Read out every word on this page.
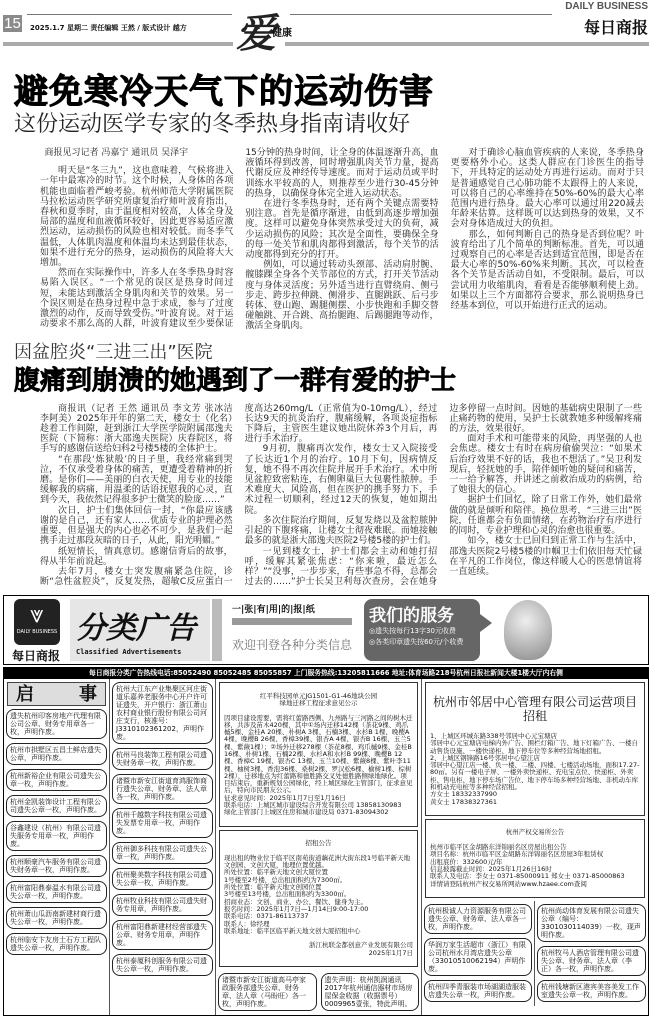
15 2025.1.7 星期二 责任编辑 王然 / 版式设计 越方 爱
健康
DAILY BUSINESS
每日商报
避免寒冷天气下的运动伤害
这份运动医学专家的冬季热身指南请收好

商报见习记者 冯嘉宁 通讯员 吴泽宇

明天是“冬三九”，这也意味着，气候将进入一年中最寒冷的时节。这个时候，人身体的各项机能也面临着严峻考验。杭州师范大学附属医院马拉松运动医学研究所康复治疗师叶波育指出，春秋和夏季时，由于温度相对较高，人体全身及局部的温度和血液循环较好，因此更容易适应激烈运动，运动损伤的风险也相对较低。而冬季气温低，人体肌肉温度和体温均未达到最佳状态，如果不进行充分的热身，运动损伤的风险将大大增加。

然而在实际操作中，许多人在冬季热身时容易陷入误区。“一个常见的误区是热身时间过短，未能达到激活全身肌肉和关节的效果。另一个误区则是在热身过程中急于求成，参与了过度激烈的动作，反而导致受伤。”叶波育说。对于运动要求不那么高的人群，叶波育建议至少要保证15分钟的热身时间，让全身的体温逐渐升高，血液循环得到改善，同时增强肌肉关节力量，提高代谢反应及神经传导速度。而对于运动员或平时训练水平较高的人，则推荐至少进行30-45分钟的热身，以确保身体完全进入运动状态。

在进行冬季热身时，还有两个关键点需要特别注意。首先是循序渐进，由低到高逐步增加强度。这样可以避免身体突然承受过大的负荷，减少运动损伤的风险；其次是全面性，要确保全身的每一处关节和肌肉都得到激活，每个关节的活动度都得到充分的打开。

例如，可以通过转动头颈部、活动肩肘腕、髋膝踝全身各个关节部位的方式，打开关节活动度与身体灵活度；另外适当进行直臂绕肩、侧弓步走、跨步拉伸跳、侧滑步、直腿跳跃、后弓步转体、登山跑、踢腿侧摆、小步快跑和手脚交替碰触跳、开合跳、高抬腿跑、后踢腿跑等动作，激活全身肌肉。

对于确诊心脑血管疾病的人来说，冬季热身更要格外小心。这类人群应在门诊医生的指导下，开具特定的运动处方再进行运动。而对于只是普通感觉自己心肺功能不太跟得上的人来说，可以将自己的心率维持在50%-60%的最大心率范围内进行热身。最大心率可以通过用220减去年龄来估算。这样既可以达到热身的效果，又不会对身体造成过大的负担。

那么，如何判断自己的热身是否到位呢？叶波育给出了几个简单的判断标准。首先，可以通过观察自己的心率是否达到适宜范围，即是否在最大心率的50%-60%来判断。其次，可以检查各个关节是否活动自如，不受限制。最后，可以尝试用力收缩肌肉，看看是否能够顺利使上劲。如果以上三个方面都符合要求，那么说明热身已经基本到位，可以开始进行正式的运动。

因盆腔炎“三进三出”医院
腹痛到崩溃的她遇到了一群有爱的护士

商报讯（记者 王然 通讯员 李文芳 张冰洁 李阿美）2025年开年的第二天，楼女士（化名）趁着工作间隙，赶到浙江大学医学院附属邵逸夫医院（下简称：浙大邵逸夫医院）庆春院区，将手写的感谢信送给妇科2号楼5楼的全体护士。

“在那段‘炼狱般’的日子里，我经常痛到哭泣，不仅承受着身体的痛苦，更遭受着精神的折磨。是你们——美丽的白衣天使，用专业的技能缓解我的病痛，用温柔的话语抚慰我的心灵，直到今天，我依然记得很多护士微笑的脸庞……”

次日，护士们集体回信一封，“你最应该感谢的是自己，还有家人……优质专业的护理必然重要，但是强大的内心也必不可少，是我们一起携手走过那段灰暗的日子，从此，阳光明媚。”

纸短情长，情真意切。感谢信背后的故事，得从半年前说起。

去年7月，楼女士突发腹痛紧急住院，诊断“急性盆腔炎”，反复发热，超敏C反应蛋白一度高达260mg/L（正常值为0-10mg/L），经过长达9天的抗炎治疗，腹痛缓解，各项炎症指标下降后，主管医生建议她出院休养3个月后，再进行手术治疗。

9月初，腹痛再次发作，楼女士又入院接受了长达近1个月的治疗。10月下旬，因病情反复，她不得不再次住院并展开手术治疗。术中所见盆腔致密粘连，右侧卵巢巨大包裹性脓肿。手术难度大、风险高，但在医护的携手努力下，手术过程一切顺利，经过12天的恢复，她如期出院。

多次住院治疗期间，反复发烧以及盆腔脓肿引起的下腹疼痛，让楼女士彻夜难眠。而她接触最多的就是浙大邵逸夫医院2号楼5楼的护士们。

一见到楼女士，护士们都会主动和她打招呼，缓解其紧张焦虑：“你来啦，最近怎么样？”“没事，一步步来，有些事急不得，总都会过去的……”护士长吴卫利每次查房，会在她身边多停留一点时间。因她的基础病史限制了一些止痛药物的使用，吴护士长就教她多种缓解疼痛的方法，效果很好。

面对手术和可能带来的风险，再坚强的人也会焦虑。楼女士有时在病房偷偷哭泣：“如果术后治疗效果不好的话，我也不想活了。”吴卫利发现后，轻抚她的手，陪伴倾听她的疑问和痛苦，一一给予解答，并讲述之前救治成功的病例，给了她很大的信心。

据护士们回忆，除了日常工作外，她们最常做的就是倾听和陪伴。换位思考，“三进三出”医院，任谁都会有负面情绪，在药物治疗有序进行的同时，专业护理和心灵的治愈也很重要。

如今，楼女士已回归到正常工作与生活中，邵逸夫医院2号楼5楼的巾帼卫士们依旧每天忙碌在平凡的工作岗位，像这样暖人心的医患情谊将一直延续。

⩔
DAILY BUSINESS
每日商报
分类广告
Classified Advertisements
一|张|有|用|的|报|纸
欢迎刊登各种分类信息
我们的服务
◎遗失按每行13字30元收费
◎各类印章遗失按60元/个收费
每日商报分类广告热线电话:85052490 85052485 85055857 上门服务热线:13205811666 地址:体育场路218号杭州日报社新闻大楼1楼大厅内右侧
启	事
遗失杭州印客房地产代理有限公司公章、财务专用章各一枚，声明作废。
杭州市拱墅区五昌土鲜店遗失公章，声明作废。
杭州新裕企业有限公司遗失公章一枚，声明作废。
杭州金凯装饰设计工程有限公司遗失公章一枚，声明作废。
谷鑫建设（杭州）有限公司遗失服务专用章一枚，声明作废。
杭州顺豪汽车服务有限公司遗失财务章一枚，声明作废。
杭州富阳鼎泰温水有限公司遗失公章一枚，声明作废。
杭州萧山瓜沥南新建材商行遗失公章一枚，声明作废。
杭州临安卞友房土石方工程队遗失公章一枚，声明作废。
杭州大江东产业集聚区河庄街道乐嘉养老服务中心开户许可证遗失，开户银行：浙江萧山农村商业银行股份有限公司河庄支行，核准号：J3310102361202，声明作废。
杭州马良装饰工程有限公司遗失财务章一枚，声明作废。
诸暨市新安江街道育鸿服饰商行遗失公章、财务章、法人章各一枚，声明作废。
杭州千越数字科技有限公司遗失发票专用章一枚，声明作废。
杭州御多科技有限公司遗失公章一枚，声明作废。
杭州聚美数字科技有限公司遗失公章一枚，声明作废。
杭州牧业科技有限公司遗失财务专用章，声明作废。
杭州富阳鼎新建材经营部遗失公章、财务专用章，声明作废。
杭州泰厦科创服务有限公司遗失公章一枚，声明作废。

红平科技园单元JG1501-G1-46地块公园
绿地迁移工程征求意见公示

因项目建设需要，需将红蕾路西侧、九州路与三河路之间的树木迁移，共涉及苗木420棵，其中①场内迁移142棵（茶花9棵、鸡爪槭5棵、金桂A 20棵、朴树A 3棵、石楠3棵、水杉B 1棵、晚樱A 4棵、晚樱B 26棵、香樟39棵、银杏A 4棵、银杏B 16棵、玉兰5棵、紫薇1棵）；②场外迁移278棵（茶花8棵、鸡爪槭9棵、金桂B 16棵、朴树1棵、石楠22棵、水杉A和水杉B 99棵、晚樱B 12棵、香樟C 19棵、银杏C 13棵、玉兰10棵、紫薇8棵、紫叶李11棵、柚树3棵、香泡36棵、桑树2棵、罗汉松6棵、榆树1棵、棕树2棵），迁移地点为红蕾路和德胜路交叉处德胜路侧绿地绿化。项目结束后，重新规划公园绿化，经上城区绿化主管部门，征求意见后，特向市民朋友公示。
征求意见时间：2025年1月7日至1月16日
联系电话：上城区城市建设综合开发有限公司 13858130983
绿化主管部门上城区住房和城市建设局 0371-83094302

招租公告

现出租的物业位于临平区南苑街道藕花洲大街东段1号临平新天地文创园、文创大厦，地理位置优越。
所处位置：临平新天地文创大厦位置
1号楼至2号楼，总出租面积约为7300㎡。
所处位置：临平新天地文创园位置
3号楼至13号楼，总出租面积约为3300㎡。
招商业态：文创、商业、办公、餐饮、健身为主。
报名时间：2025年1月7日—1月14日9:00-17:00
联系电话：0371-86113737
联系人：徐经理
联系地址：临平区临平新天地文创大厦招租中心

浙江杭联金都创意产业发展有限公司
2025年1月7日

诸暨市新安江街道高马亭家政服务部遗失公章、财务章、法人章（马盼旺）各一枚，声明作废。
遗失声明：杭州凯润通讯2017年杭州通信器材市场房屋保金收据（收据票号）0009965壹张，特此声明。

杭州市邻居中心管理有限公司运营项目招租

1、上城区环城东路338号邻居中心元宝塘店
邻居中心元宝塘店电梯内外广告、围栏灯箱广告、地下灯箱广告、一楼自动售货设施、一楼快递柜、地下停车位等多种经营场地招租。
2、上城区钢锋路16号邻居中心望江店
邻居中心望江店一楼、负一楼、二楼、四楼、七楼活动场地，面积17.27-80㎡。另有一楼电子屏、一楼外卖快递柜、充电宝点位、快递柜、外卖柜、售电柜、地下停车场广告位、地下停车场多种经营场地、非机动车库和机动充电桩等多种经营招租。
方女士 18332337990
黄女士 17838327361

杭州产权交易所公告

杭州市临平区金胡路东洋锦丽名区房屋出租公告
项目名称：杭州市临平区金胡路东洋锦丽名区房屋3年租赁权
出租底价：332600元/年
信息披露截止时间：2025年1月26日16时
联系人及电话：李女士 0371-85000911 郑女士 0371-85000863
详情请登陆杭州产权交易所网站www.hzaee.com查阅

杭州极诚人力资源服务有限公司遗失公章、财务章、法人章各一枚，声明作废。
华润万家生活超市（浙江）有限公司杭州水月湾店遗失公章（33010510062194）声明作废。
杭州四季青服装市场湖湖造服装店遗失公章一枚，声明作废。
杭州尚动体育发展有限公司遗失公章（编号：3301030114039）一枚，现声明作废。
杭州牧马人酒店管理有限公司遗失公章、财务章、法人章（李正）各一枚，声明作废。
杭州钱塘新区港宾美容美发工作室遗失公章一枚，声明作废。
